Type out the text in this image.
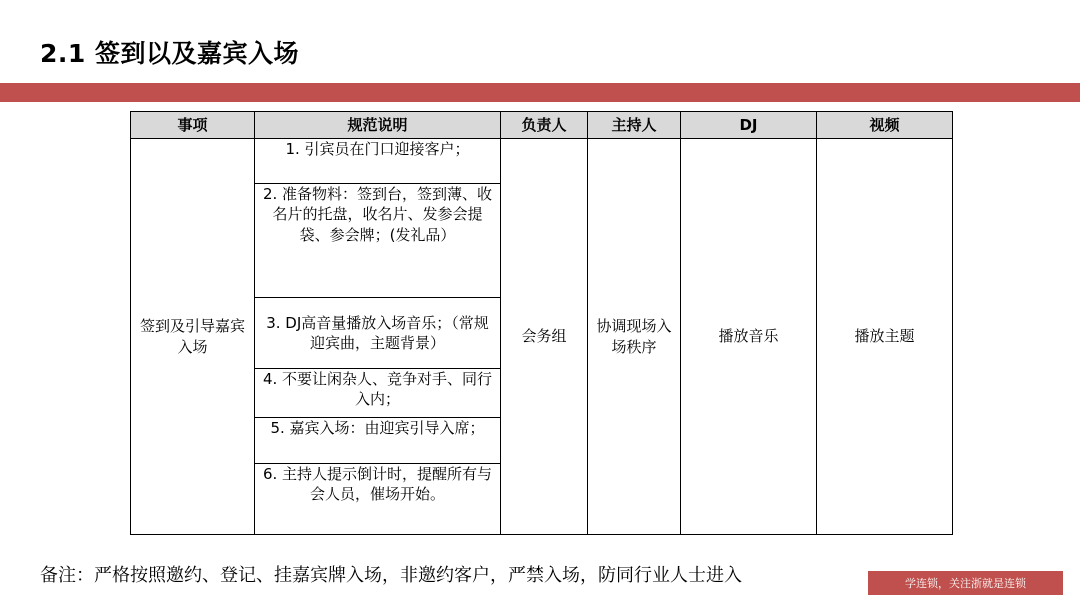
2.1 签到以及嘉宾入场
事项	规范说明	负责人	主持人	DJ	视频
签到及引导嘉宾入场	1. 引宾员在门口迎接客户；	会务组	协调现场入场秩序	播放音乐	播放主题
	2. 准备物料：签到台，签到薄、收名片的托盘，收名片、发参会提袋、参会牌；(发礼品）				
	3. DJ高音量播放入场音乐；（常规迎宾曲，主题背景）				
	4. 不要让闲杂人、竞争对手、同行入内；				
	5. 嘉宾入场：由迎宾引导入席；				
	6. 主持人提示倒计时，提醒所有与会人员，催场开始。				
备注：严格按照邀约、登记、挂嘉宾牌入场，非邀约客户，严禁入场，防同行业人士进入	学连锁，关注浙就是连锁
